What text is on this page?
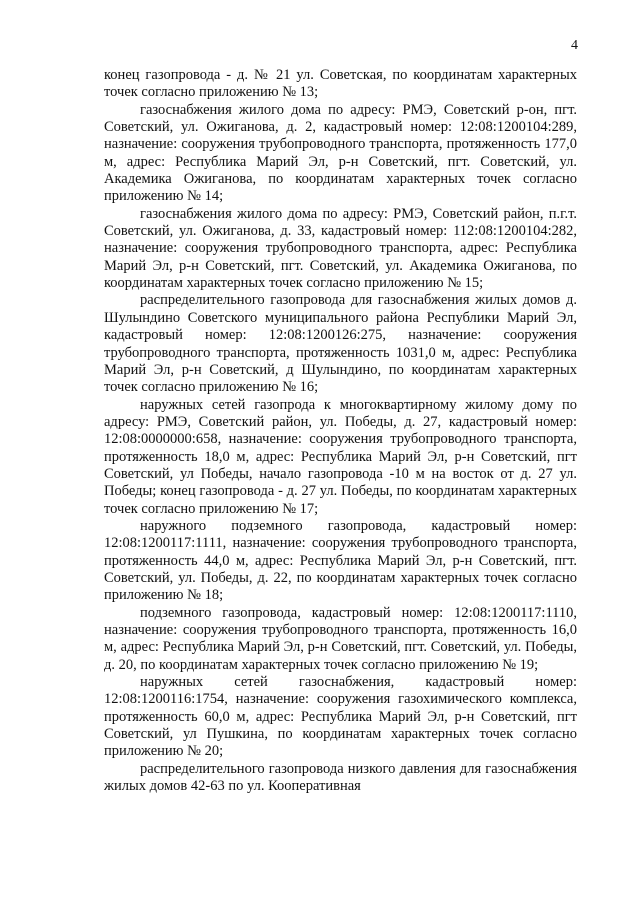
4

конец газопровода - д. № 21 ул. Советская, по координатам характерных точек согласно приложению № 13;

газоснабжения жилого дома по адресу: РМЭ, Советский р-он, пгт. Советский, ул. Ожиганова, д. 2, кадастровый номер: 12:08:1200104:289, назначение: сооружения трубопроводного транспорта, протяженность 177,0 м, адрес: Республика Марий Эл, р-н Советский, пгт. Советский, ул. Академика Ожиганова, по координатам характерных точек согласно приложению № 14;

газоснабжения жилого дома по адресу: РМЭ, Советский район, п.г.т. Советский, ул. Ожиганова, д. 33, кадастровый номер: 112:08:1200104:282, назначение: сооружения трубопроводного транспорта, адрес: Республика Марий Эл, р-н Советский, пгт. Советский, ул. Академика Ожиганова, по координатам характерных точек согласно приложению № 15;

распределительного газопровода для газоснабжения жилых домов д. Шулындино Советского муниципального района Республики Марий Эл, кадастровый номер: 12:08:1200126:275, назначение: сооружения трубопроводного транспорта, протяженность 1031,0 м, адрес: Республика Марий Эл, р-н Советский, д Шулындино, по координатам характерных точек согласно приложению № 16;

наружных сетей газопрода к многоквартирному жилому дому по адресу: РМЭ, Советский район, ул. Победы, д. 27, кадастровый номер: 12:08:0000000:658, назначение: сооружения трубопроводного транспорта, протяженность 18,0 м, адрес: Республика Марий Эл, р-н Советский, пгт Советский, ул Победы, начало газопровода -10 м на восток от д. 27 ул. Победы; конец газопровода - д. 27 ул. Победы, по координатам характерных точек согласно приложению № 17;

наружного подземного газопровода, кадастровый номер: 12:08:1200117:1111, назначение: сооружения трубопроводного транспорта, протяженность 44,0 м, адрес: Республика Марий Эл, р-н Советский, пгт. Советский, ул. Победы, д. 22, по координатам характерных точек согласно приложению № 18;

подземного газопровода, кадастровый номер: 12:08:1200117:1110, назначение: сооружения трубопроводного транспорта, протяженность 16,0 м, адрес: Республика Марий Эл, р-н Советский, пгт. Советский, ул. Победы, д. 20, по координатам характерных точек согласно приложению № 19;

наружных сетей газоснабжения, кадастровый номер: 12:08:1200116:1754, назначение: сооружения газохимического комплекса, протяженность 60,0 м, адрес: Республика Марий Эл, р-н Советский, пгт Советский, ул Пушкина, по координатам характерных точек согласно приложению № 20;

распределительного газопровода низкого давления для газоснабжения жилых домов 42-63 по ул. Кооперативная
